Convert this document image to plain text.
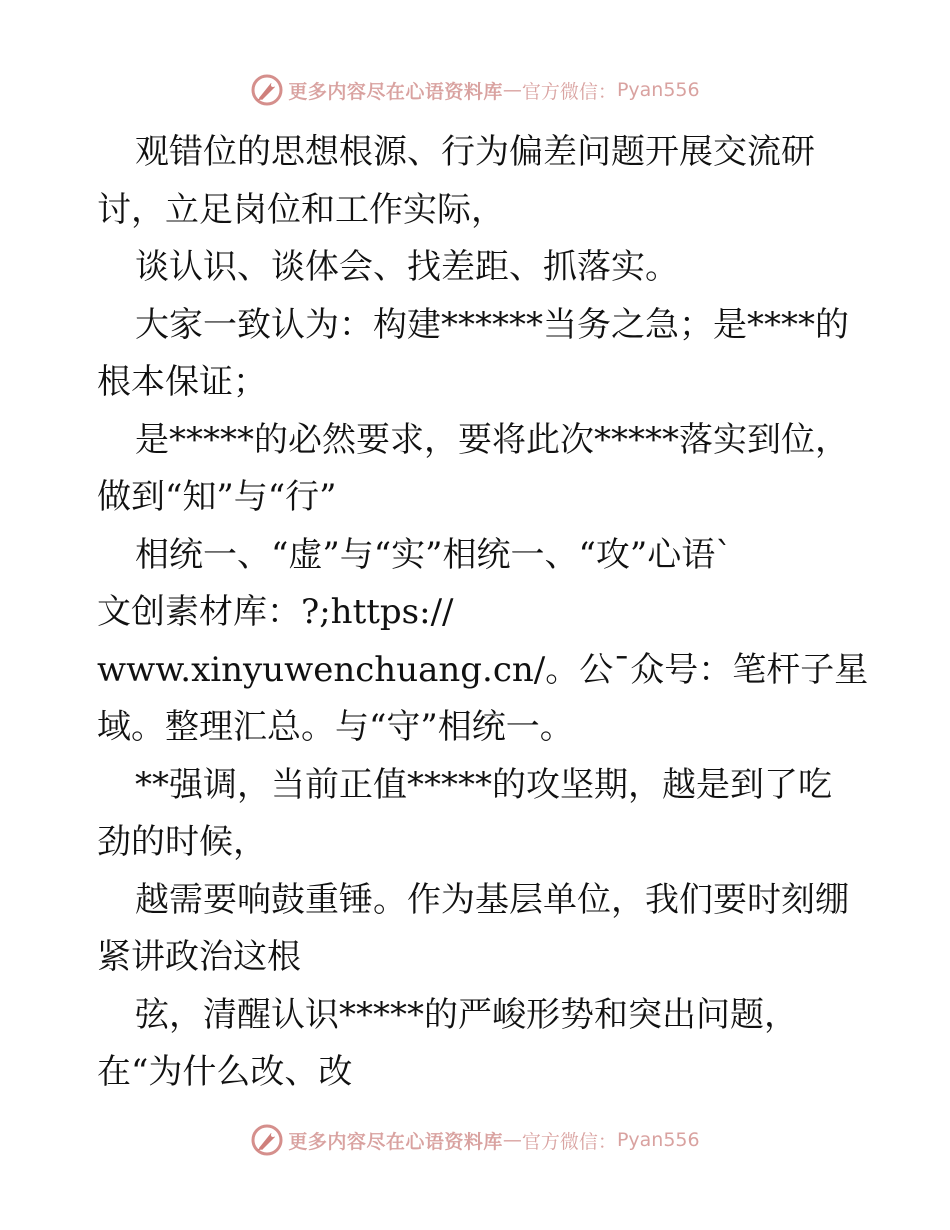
更多内容尽在心语资料库 — 官方微信： Pyan556
观错位的思想根源、行为偏差问题开展交流研
讨，立足岗位和工作实际，
谈认识、谈体会、找差距、抓落实。
大家一致认为：构建******当务之急；是****的
根本保证；
是*****的必然要求，要将此次*****落实到位，
做到“知”与“行”
相统一、“虚”与“实”相统一、“攻”心语`
文创素材库：?;https://
www.xinyuwenchuang.cn/。公¯众号：笔杆子星
域。整理汇总。与“守”相统一。
**强调，当前正值*****的攻坚期，越是到了吃
劲的时候，
越需要响鼓重锤。作为基层单位，我们要时刻绷
紧讲政治这根
弦，清醒认识*****的严峻形势和突出问题，
在“为什么改、改
更多内容尽在心语资料库 — 官方微信： Pyan556
